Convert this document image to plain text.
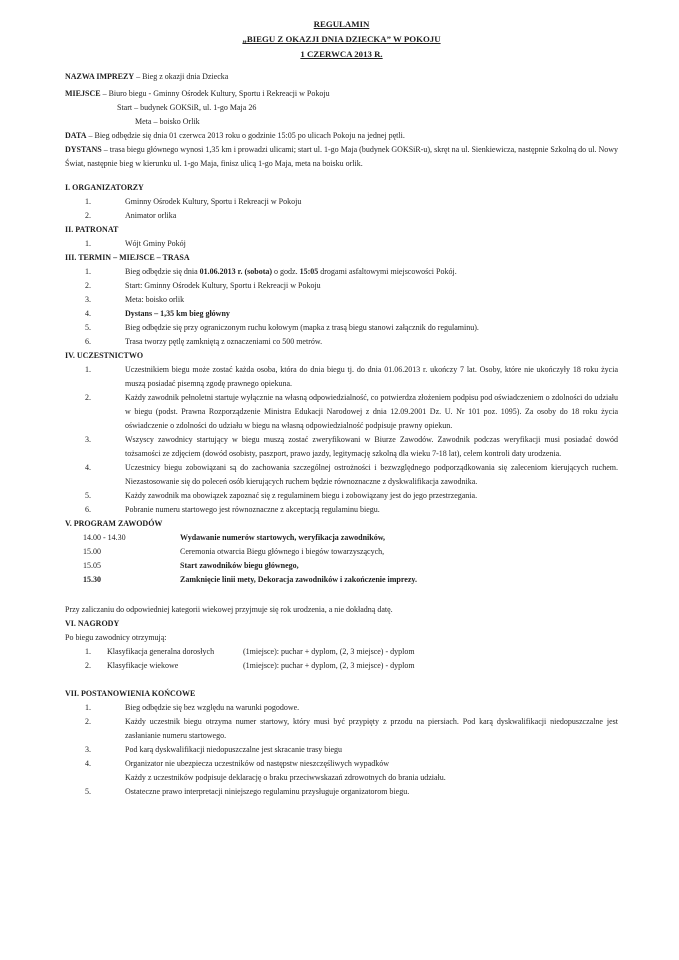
REGULAMIN
„BIEGU Z OKAZJI DNIA DZIECKA” W POKOJU
1 CZERWCA 2013 R.

NAZWA IMPREZY – Bieg z okazji dnia Dziecka

MIEJSCE – Biuro biegu - Gminny Ośrodek Kultury, Sportu i Rekreacji w Pokoju

Start – budynek GOKSiR, ul. 1-go Maja 26

Meta – boisko Orlik

DATA – Bieg odbędzie się dnia 01 czerwca 2013 roku o godzinie 15:05 po ulicach Pokoju na jednej pętli.

DYSTANS – trasa biegu głównego wynosi 1,35 km i prowadzi ulicami; start ul. 1-go Maja (budynek GOKSiR-u), skręt na ul. Sienkiewicza, następnie Szkolną do ul. Nowy Świat, następnie bieg w kierunku ul. 1-go Maja, finisz ulicą 1-go Maja, meta na boisku orlik.

I. ORGANIZATORZY
1.	Gminny Ośrodek Kultury, Sportu i Rekreacji w Pokoju
2.	Animator orlika
II. PATRONAT
1.	Wójt Gminy Pokój
III. TERMIN – MIEJSCE – TRASA
1.	Bieg odbędzie się dnia 01.06.2013 r. (sobota) o godz. 15:05 drogami asfaltowymi miejscowości Pokój.
2.	Start: Gminny Ośrodek Kultury, Sportu i Rekreacji w Pokoju
3.	Meta: boisko orlik
4.	Dystans – 1,35 km bieg główny
5.	Bieg odbędzie się przy ograniczonym ruchu kołowym (mapka z trasą biegu stanowi załącznik do regulaminu).
6.	Trasa tworzy pętlę zamkniętą z oznaczeniami co 500 metrów.
IV. UCZESTNICTWO
1.	Uczestnikiem biegu może zostać każda osoba, która do dnia biegu tj. do dnia 01.06.2013 r. ukończy 7 lat. Osoby, które nie ukończyły 18 roku życia muszą posiadać pisemną zgodę prawnego opiekuna.
2.	Każdy zawodnik pełnoletni startuje wyłącznie na własną odpowiedzialność, co potwierdza złożeniem podpisu pod oświadczeniem o zdolności do udziału w biegu (podst. Prawna Rozporządzenie Ministra Edukacji Narodowej z dnia 12.09.2001 Dz. U. Nr 101 poz. 1095). Za osoby do 18 roku życia oświadczenie o zdolności do udziału w biegu na własną odpowiedzialność podpisuje prawny opiekun.
3.	Wszyscy zawodnicy startujący w biegu muszą zostać zweryfikowani w Biurze Zawodów. Zawodnik podczas weryfikacji musi posiadać dowód tożsamości ze zdjęciem (dowód osobisty, paszport, prawo jazdy, legitymację szkolną dla wieku 7-18 lat), celem kontroli daty urodzenia.
4.	Uczestnicy biegu zobowiązani są do zachowania szczególnej ostrożności i bezwzględnego podporządkowania się zaleceniom kierujących ruchem. Niezastosowanie się do poleceń osób kierujących ruchem będzie równoznaczne z dyskwalifikacja zawodnika.
5.	Każdy zawodnik ma obowiązek zapoznać się z regulaminem biegu i zobowiązany jest do jego przestrzegania.
6.	Pobranie numeru startowego jest równoznaczne z akceptacją regulaminu biegu.
V. PROGRAM ZAWODÓW
14.00 - 14.30	Wydawanie numerów startowych, weryfikacja zawodników,
15.00	Ceremonia otwarcia Biegu głównego i biegów towarzyszących,
15.05	Start zawodników biegu głównego,
15.30	Zamknięcie linii mety, Dekoracja zawodników i zakończenie imprezy.

Przy zaliczaniu do odpowiedniej kategorii wiekowej przyjmuje się rok urodzenia, a nie dokładną datę.

VI. NAGRODY

Po biegu zawodnicy otrzymują:

1.	Klasyfikacja generalna dorosłych	(1miejsce): puchar + dyplom, (2, 3 miejsce) - dyplom
2.	Klasyfikacje wiekowe	(1miejsce): puchar + dyplom, (2, 3 miejsce) - dyplom
VII. POSTANOWIENIA KOŃCOWE
1.	Bieg odbędzie się bez względu na warunki pogodowe.
2.	Każdy uczestnik biegu otrzyma numer startowy, który musi być przypięty z przodu na piersiach. Pod karą dyskwalifikacji niedopuszczalne jest zasłanianie numeru startowego.
3.	Pod karą dyskwalifikacji niedopuszczalne jest skracanie trasy biegu
4.	Organizator nie ubezpiecza uczestników od następstw nieszczęśliwych wypadków
Każdy z uczestników podpisuje deklarację o braku przeciwwskazań zdrowotnych do brania udziału.
5.	Ostateczne prawo interpretacji niniejszego regulaminu przysługuje organizatorom biegu.
